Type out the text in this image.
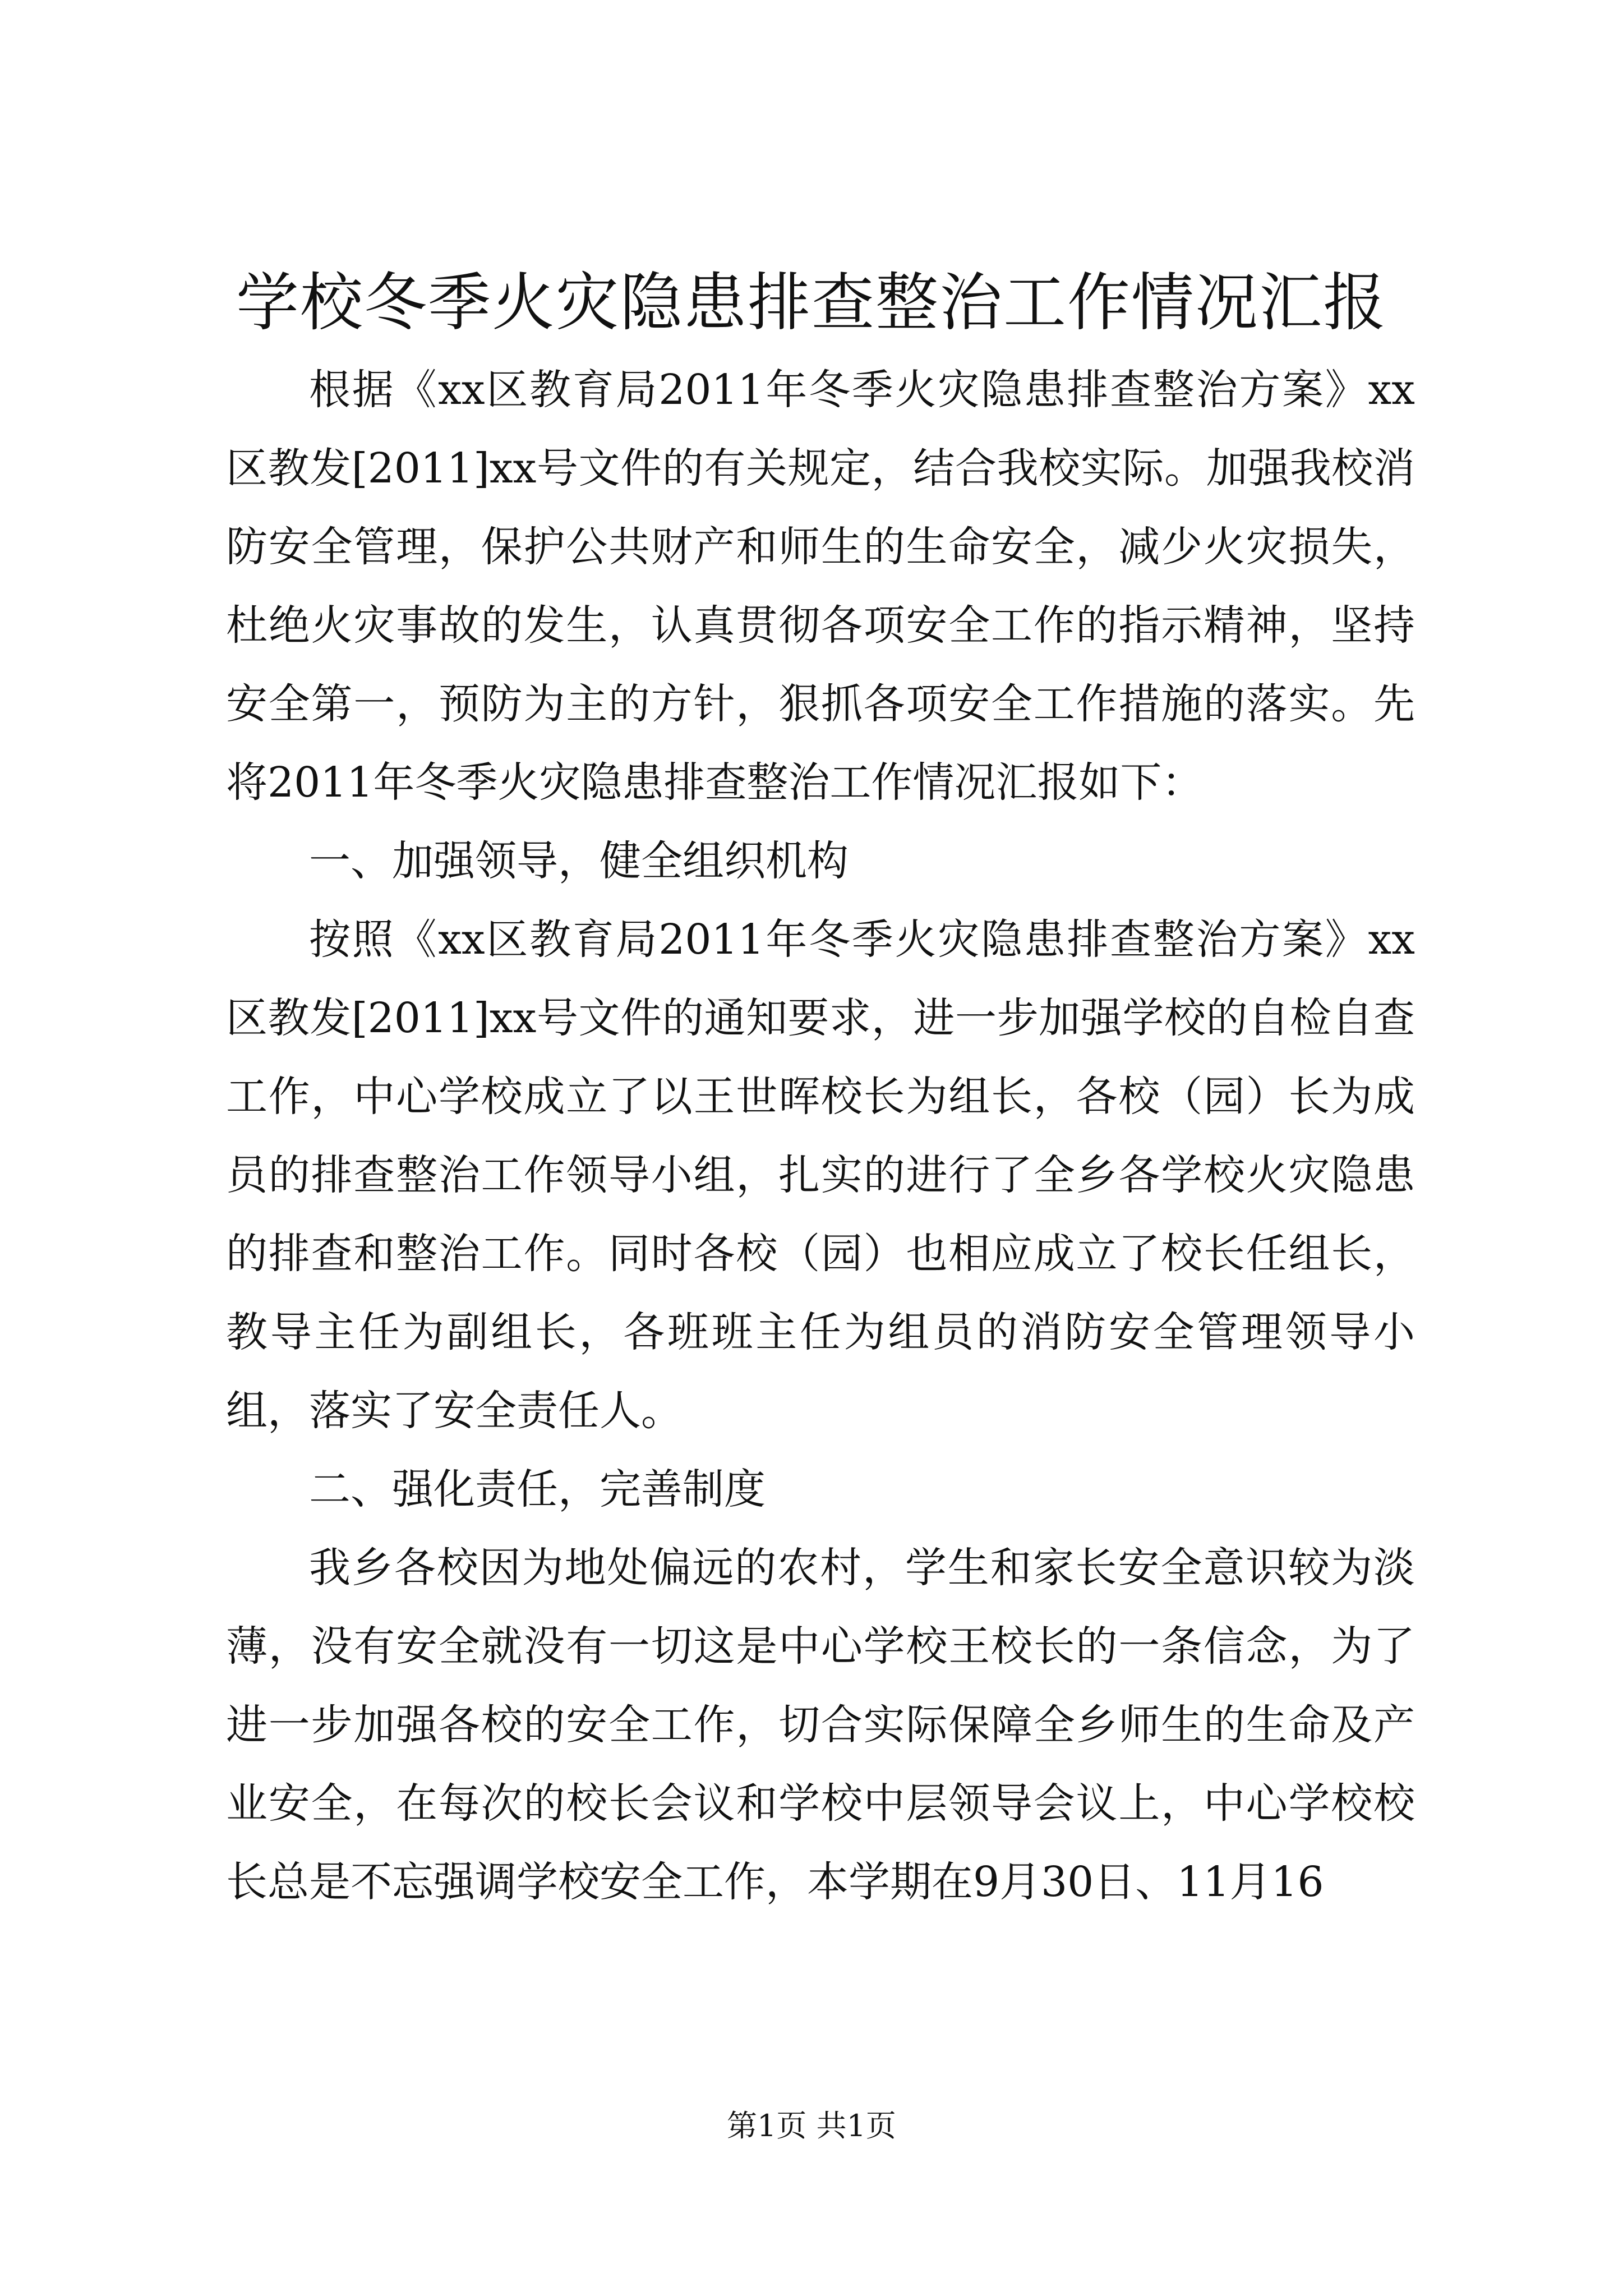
学校冬季火灾隐患排查整治工作情况汇报

根据《xx区教育局2011年冬季火灾隐患排查整治方案》xx区教发[2011]xx号文件的有关规定，结合我校实际。加强我校消防安全管理，保护公共财产和师生的生命安全，减少火灾损失，杜绝火灾事故的发生，认真贯彻各项安全工作的指示精神，坚持安全第一，预防为主的方针，狠抓各项安全工作措施的落实。先将2011年冬季火灾隐患排查整治工作情况汇报如下：

一、加强领导，健全组织机构

按照《xx区教育局2011年冬季火灾隐患排查整治方案》xx区教发[2011]xx号文件的通知要求，进一步加强学校的自检自查工作，中心学校成立了以王世晖校长为组长，各校（园）长为成员的排查整治工作领导小组，扎实的进行了全乡各学校火灾隐患的排查和整治工作。同时各校（园）也相应成立了校长任组长，教导主任为副组长，各班班主任为组员的消防安全管理领导小组，落实了安全责任人。

二、强化责任，完善制度

我乡各校因为地处偏远的农村，学生和家长安全意识较为淡薄，没有安全就没有一切这是中心学校王校长的一条信念，为了进一步加强各校的安全工作，切合实际保障全乡师生的生命及产业安全，在每次的校长会议和学校中层领导会议上，中心学校校长总是不忘强调学校安全工作，本学期在9月30日、11月16

第1页 共1页
